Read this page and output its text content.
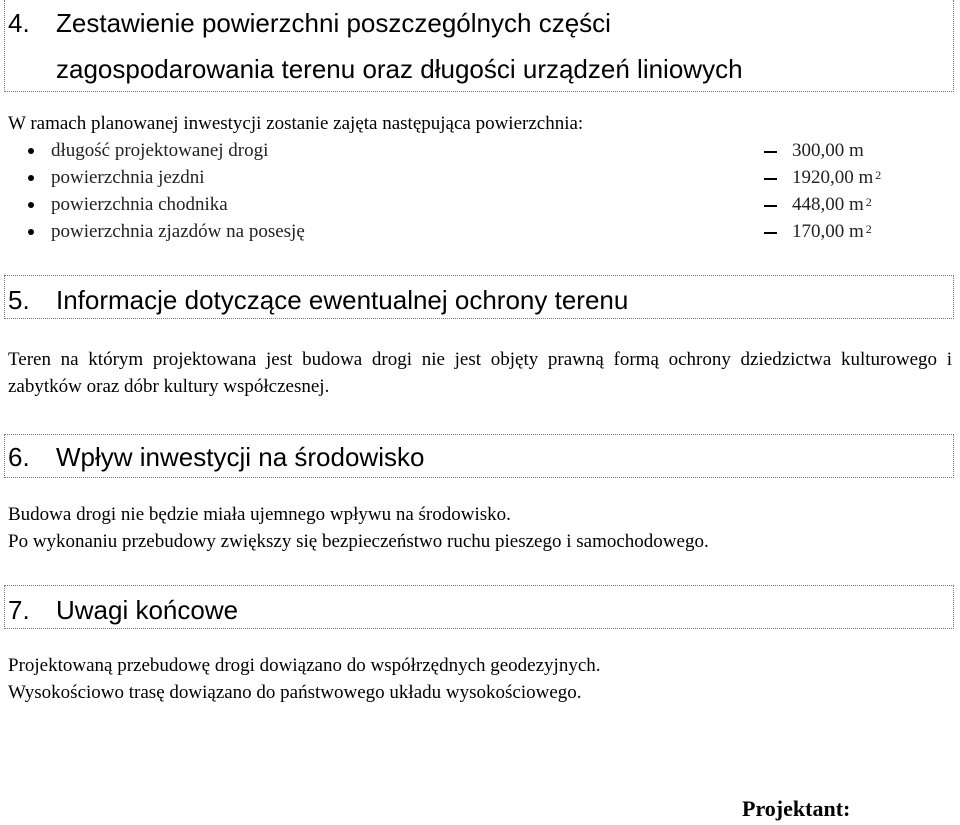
4. Zestawienie powierzchni poszczególnych części
zagospodarowania terenu oraz długości urządzeń liniowych
W ramach planowanej inwestycji zostanie zajęta następująca powierzchnia:
długość projektowanej drogi	300,00 m
powierzchnia jezdni	1920,00 m $^2$
powierzchnia chodnika	448,00 m $^2$
powierzchnia zjazdów na posesję	170,00 m $^2$
5. Informacje dotyczące ewentualnej ochrony terenu
Teren na którym projektowana jest budowa drogi nie jest objęty prawną formą ochrony dziedzictwa kulturowego i zabytków oraz dóbr kultury współczesnej.
6. Wpływ inwestycji na środowisko
Budowa drogi nie będzie miała ujemnego wpływu na środowisko.
Po wykonaniu przebudowy zwiększy się bezpieczeństwo ruchu pieszego i samochodowego.
7. Uwagi końcowe
Projektowaną przebudowę drogi dowiązano do współrzędnych geodezyjnych.
Wysokościowo trasę dowiązano do państwowego układu wysokościowego.
Projektant:
